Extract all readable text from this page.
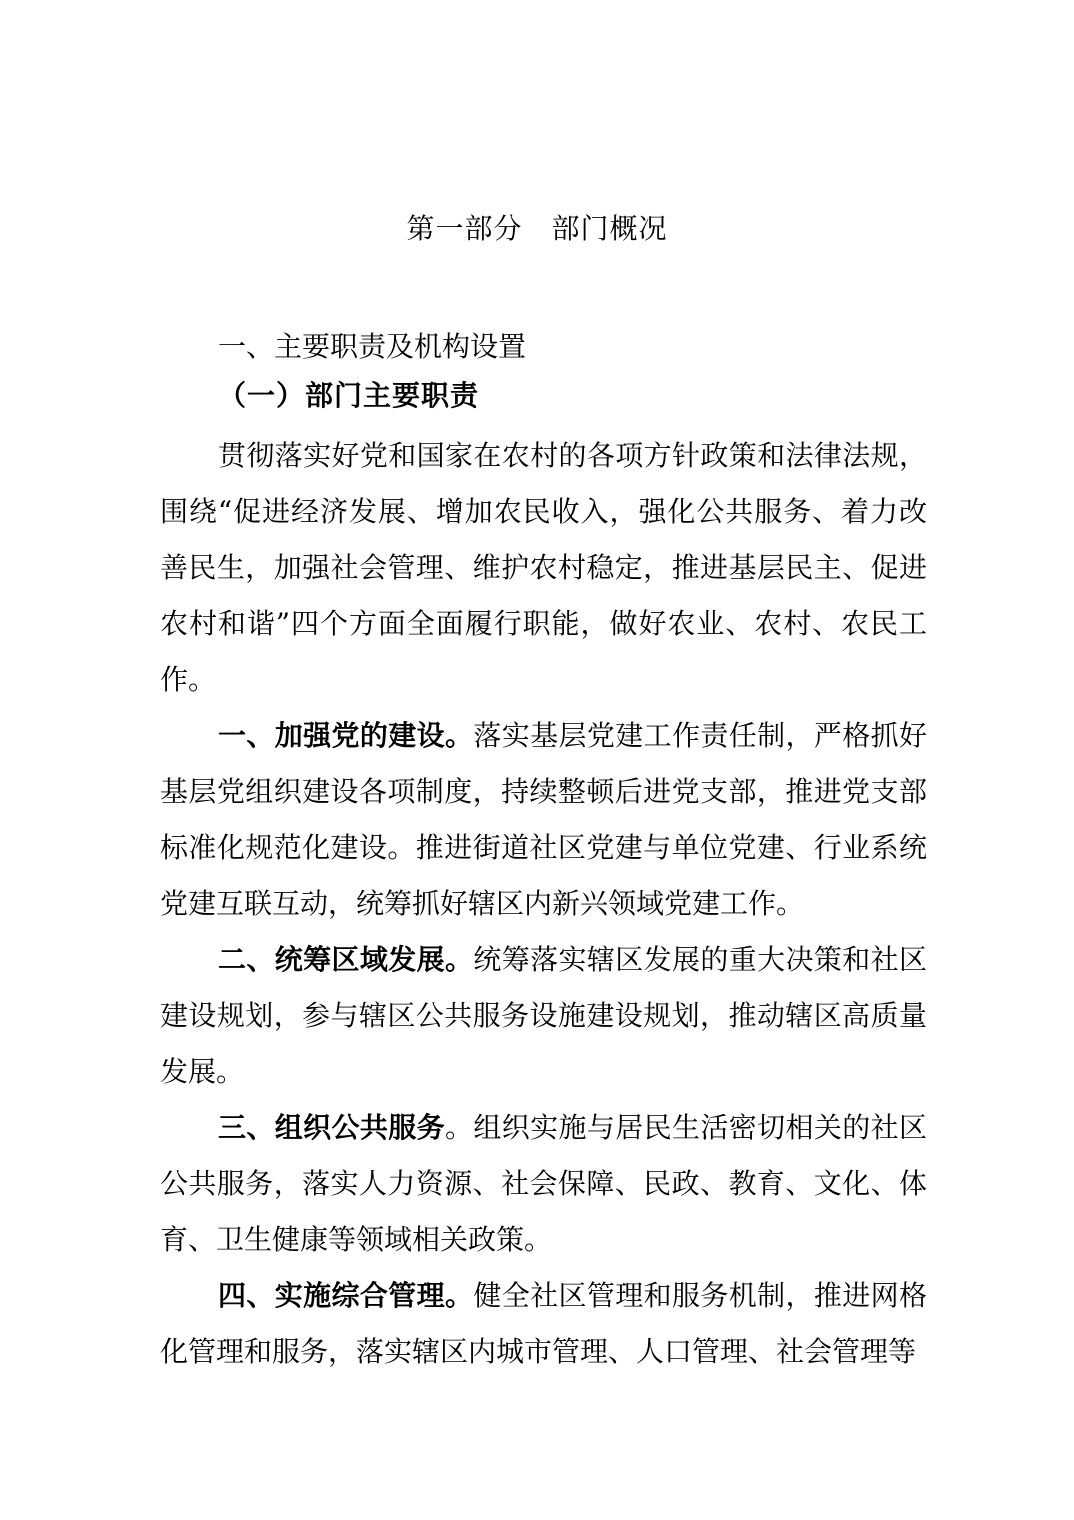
第一部分　部门概况
一、主要职责及机构设置
（一）部门主要职责

贯彻落实好党和国家在农村的各项方针政策和法律法规，围绕“促进经济发展、增加农民收入，强化公共服务、着力改善民生，加强社会管理、维护农村稳定，推进基层民主、促进农村和谐”四个方面全面履行职能，做好农业、农村、农民工作。

一、加强党的建设。落实基层党建工作责任制，严格抓好基层党组织建设各项制度，持续整顿后进党支部，推进党支部标准化规范化建设。推进街道社区党建与单位党建、行业系统党建互联互动，统筹抓好辖区内新兴领域党建工作。

二、统筹区域发展。统筹落实辖区发展的重大决策和社区建设规划，参与辖区公共服务设施建设规划，推动辖区高质量发展。

三、组织公共服务。组织实施与居民生活密切相关的社区公共服务，落实人力资源、社会保障、民政、教育、文化、体育、卫生健康等领域相关政策。

四、实施综合管理。健全社区管理和服务机制，推进网格化管理和服务，落实辖区内城市管理、人口管理、社会管理等
